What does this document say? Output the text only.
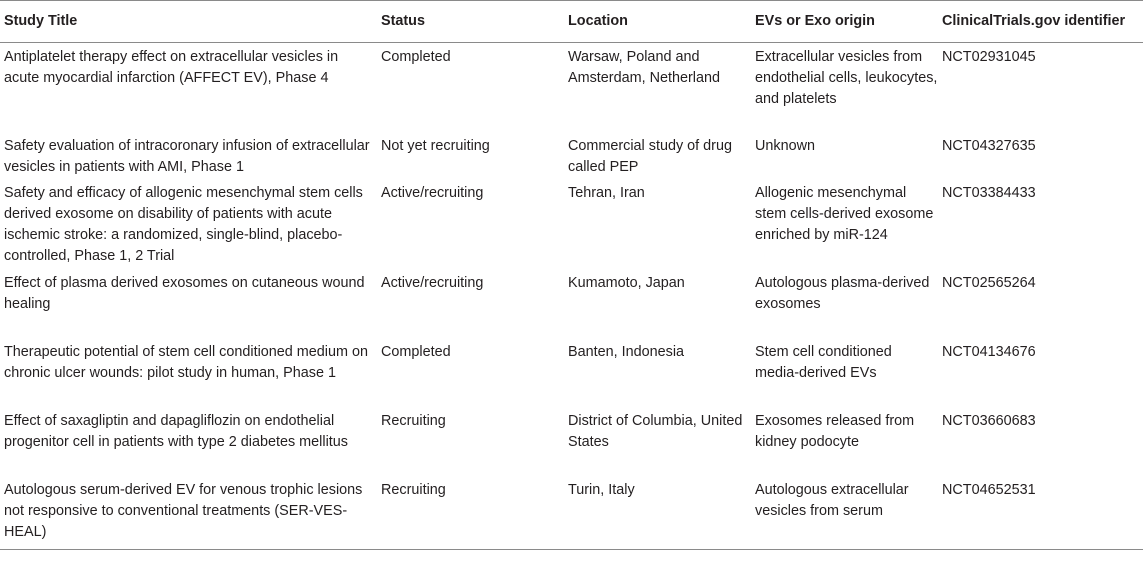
Study Title	Status	Location	EVs or Exo origin	ClinicalTrials.gov identifier
Antiplatelet therapy effect on extracellular vesicles in acute myocardial infarction (AFFECT EV), Phase 4	Completed	Warsaw, Poland and Amsterdam, Netherland	Extracellular vesicles from endothelial cells, leukocytes, and platelets	NCT02931045
Safety evaluation of intracoronary infusion of extracellular vesicles in patients with AMI, Phase 1	Not yet recruiting	Commercial study of drug called PEP	Unknown	NCT04327635
Safety and efficacy of allogenic mesenchymal stem cells derived exosome on disability of patients with acute ischemic stroke: a randomized, single-blind, placebo-controlled, Phase 1, 2 Trial	Active/recruiting	Tehran, Iran	Allogenic mesenchymal stem cells-derived exosome enriched by miR-124	NCT03384433
Effect of plasma derived exosomes on cutaneous wound healing	Active/recruiting	Kumamoto, Japan	Autologous plasma-derived exosomes	NCT02565264
Therapeutic potential of stem cell conditioned medium on chronic ulcer wounds: pilot study in human, Phase 1	Completed	Banten, Indonesia	Stem cell conditioned media-derived EVs	NCT04134676
Effect of saxagliptin and dapagliflozin on endothelial progenitor cell in patients with type 2 diabetes mellitus	Recruiting	District of Columbia, United States	Exosomes released from kidney podocyte	NCT03660683
Autologous serum-derived EV for venous trophic lesions not responsive to conventional treatments (SER-VES-HEAL)	Recruiting	Turin, Italy	Autologous extracellular vesicles from serum	NCT04652531
